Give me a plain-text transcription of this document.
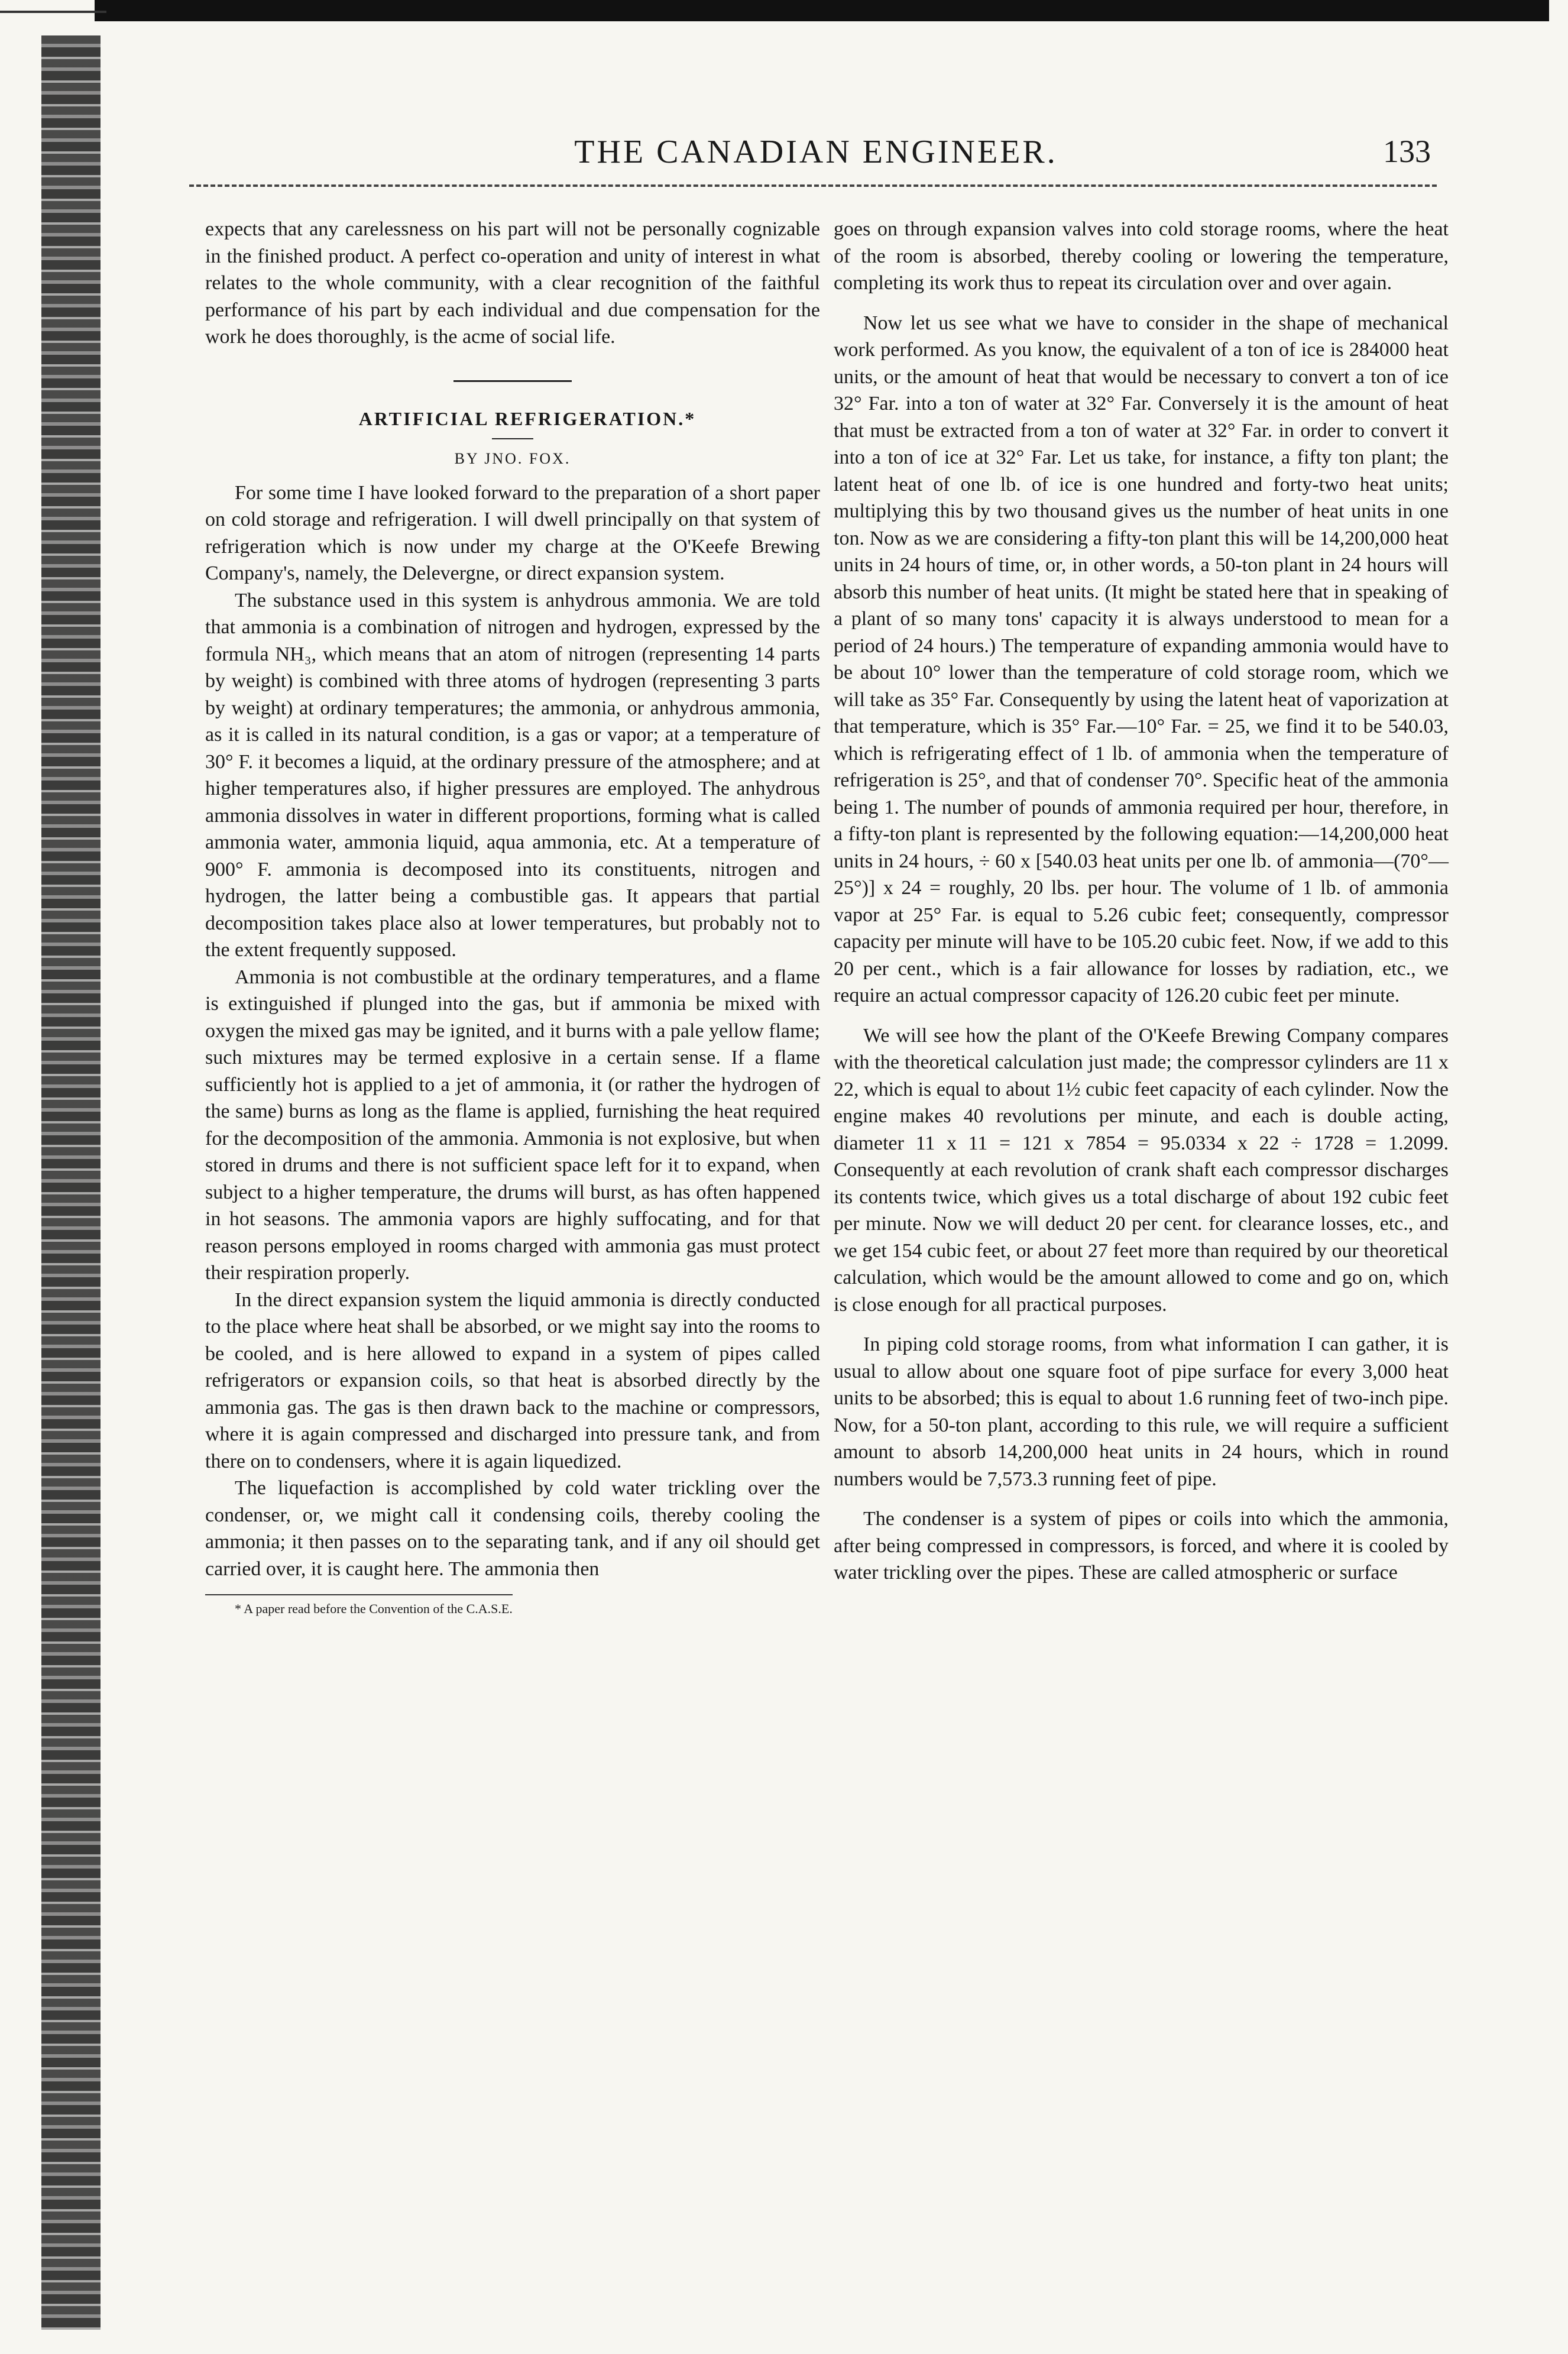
THE CANADIAN ENGINEER.	133

expects that any carelessness on his part will not be personally cognizable in the finished product. A perfect co-operation and unity of interest in what relates to the whole community, with a clear recognition of the faithful performance of his part by each individual and due compensation for the work he does thoroughly, is the acme of social life.

ARTIFICIAL REFRIGERATION.*

BY JNO. FOX.

For some time I have looked forward to the preparation of a short paper on cold storage and refrigeration. I will dwell principally on that system of refrigeration which is now under my charge at the O'Keefe Brewing Company's, namely, the Delevergne, or direct expansion system.

The substance used in this system is anhydrous ammonia. We are told that ammonia is a combination of nitrogen and hydrogen, expressed by the formula NH₃, which means that an atom of nitrogen (representing 14 parts by weight) is combined with three atoms of hydrogen (representing 3 parts by weight) at ordinary temperatures; the ammonia, or anhydrous ammonia, as it is called in its natural condition, is a gas or vapor; at a temperature of 30° F. it becomes a liquid, at the ordinary pressure of the atmosphere; and at higher temperatures also, if higher pressures are employed. The anhydrous ammonia dissolves in water in different proportions, forming what is called ammonia water, ammonia liquid, aqua ammonia, etc. At a temperature of 900° F. ammonia is decomposed into its constituents, nitrogen and hydrogen, the latter being a combustible gas. It appears that partial decomposition takes place also at lower temperatures, but probably not to the extent frequently supposed.

Ammonia is not combustible at the ordinary temperatures, and a flame is extinguished if plunged into the gas, but if ammonia be mixed with oxygen the mixed gas may be ignited, and it burns with a pale yellow flame; such mixtures may be termed explosive in a certain sense. If a flame sufficiently hot is applied to a jet of ammonia, it (or rather the hydrogen of the same) burns as long as the flame is applied, furnishing the heat required for the decomposition of the ammonia. Ammonia is not explosive, but when stored in drums and there is not sufficient space left for it to expand, when subject to a higher temperature, the drums will burst, as has often happened in hot seasons. The ammonia vapors are highly suffocating, and for that reason persons employed in rooms charged with ammonia gas must protect their respiration properly.

In the direct expansion system the liquid ammonia is directly conducted to the place where heat shall be absorbed, or we might say into the rooms to be cooled, and is here allowed to expand in a system of pipes called refrigerators or expansion coils, so that heat is absorbed directly by the ammonia gas. The gas is then drawn back to the machine or compressors, where it is again compressed and discharged into pressure tank, and from there on to condensers, where it is again liquedized.

The liquefaction is accomplished by cold water trickling over the condenser, or, we might call it condensing coils, thereby cooling the ammonia; it then passes on to the separating tank, and if any oil should get carried over, it is caught here. The ammonia then

* A paper read before the Convention of the C.A.S.E.

goes on through expansion valves into cold storage rooms, where the heat of the room is absorbed, thereby cooling or lowering the temperature, completing its work thus to repeat its circulation over and over again.

Now let us see what we have to consider in the shape of mechanical work performed. As you know, the equivalent of a ton of ice is 284000 heat units, or the amount of heat that would be necessary to convert a ton of ice 32° Far. into a ton of water at 32° Far. Conversely it is the amount of heat that must be extracted from a ton of water at 32° Far. in order to convert it into a ton of ice at 32° Far. Let us take, for instance, a fifty ton plant; the latent heat of one lb. of ice is one hundred and forty-two heat units; multiplying this by two thousand gives us the number of heat units in one ton. Now as we are considering a fifty-ton plant this will be 14,200,000 heat units in 24 hours of time, or, in other words, a 50-ton plant in 24 hours will absorb this number of heat units. (It might be stated here that in speaking of a plant of so many tons' capacity it is always understood to mean for a period of 24 hours.) The temperature of expanding ammonia would have to be about 10° lower than the temperature of cold storage room, which we will take as 35° Far. Consequently by using the latent heat of vaporization at that temperature, which is 35° Far.—10° Far. = 25, we find it to be 540.03, which is refrigerating effect of 1 lb. of ammonia when the temperature of refrigeration is 25°, and that of condenser 70°. Specific heat of the ammonia being 1. The number of pounds of ammonia required per hour, therefore, in a fifty-ton plant is represented by the following equation:—14,200,000 heat units in 24 hours, ÷ 60 x [540.03 heat units per one lb. of ammonia—(70°—25°)] x 24 = roughly, 20 lbs. per hour. The volume of 1 lb. of ammonia vapor at 25° Far. is equal to 5.26 cubic feet; consequently, compressor capacity per minute will have to be 105.20 cubic feet. Now, if we add to this 20 per cent., which is a fair allowance for losses by radiation, etc., we require an actual compressor capacity of 126.20 cubic feet per minute.

We will see how the plant of the O'Keefe Brewing Company compares with the theoretical calculation just made; the compressor cylinders are 11 x 22, which is equal to about 1½ cubic feet capacity of each cylinder. Now the engine makes 40 revolutions per minute, and each is double acting, diameter 11 x 11 = 121 x 7854 = 95.0334 x 22 ÷ 1728 = 1.2099. Consequently at each revolution of crank shaft each compressor discharges its contents twice, which gives us a total discharge of about 192 cubic feet per minute. Now we will deduct 20 per cent. for clearance losses, etc., and we get 154 cubic feet, or about 27 feet more than required by our theoretical calculation, which would be the amount allowed to come and go on, which is close enough for all practical purposes.

In piping cold storage rooms, from what information I can gather, it is usual to allow about one square foot of pipe surface for every 3,000 heat units to be absorbed; this is equal to about 1.6 running feet of two-inch pipe. Now, for a 50-ton plant, according to this rule, we will require a sufficient amount to absorb 14,200,000 heat units in 24 hours, which in round numbers would be 7,573.3 running feet of pipe.

The condenser is a system of pipes or coils into which the ammonia, after being compressed in compressors, is forced, and where it is cooled by water trickling over the pipes. These are called atmospheric or surface
